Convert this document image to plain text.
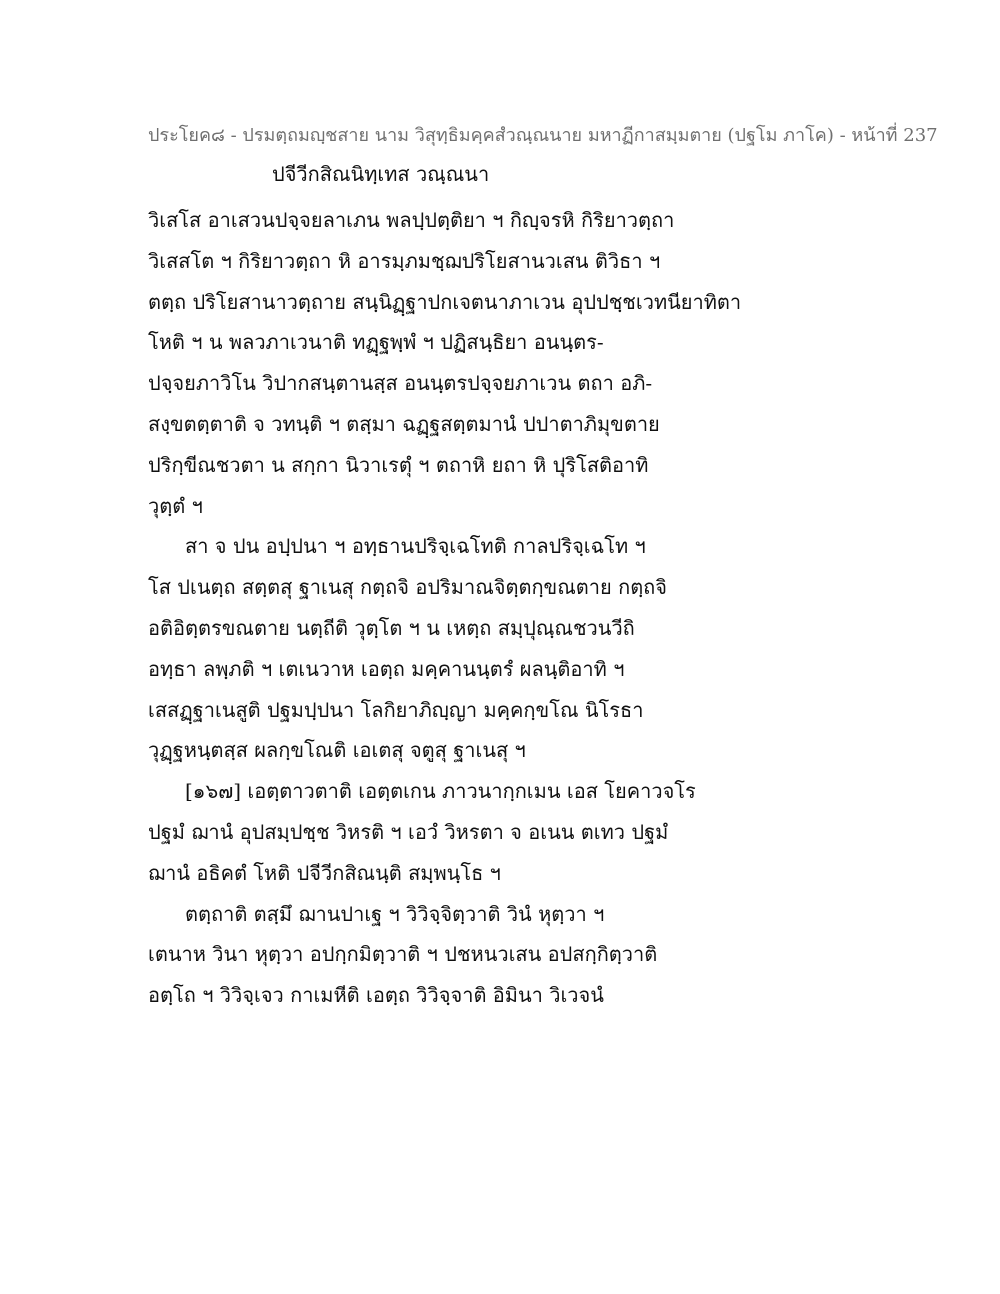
ประโยค๘ - ปรมตฺถมญฺชสาย นาม วิสุทฺธิมคฺคสํวณฺณนาย มหาฏีกาสมฺมตาย (ปฐโม ภาโค) - หน้าที่ 237
ปจีวีกสิณนิทฺเทส วณฺณนา
วิเสโส อาเสวนปจฺจยลาเภน พลปฺปตฺติยา ฯ กิญฺจรหิ กิริยาวตฺถา
วิเสสโต ฯ กิริยาวตฺถา หิ อารมฺภมชฺฌปริโยสานวเสน ติวิธา ฯ
ตตฺถ ปริโยสานาวตฺถาย สนฺนิฏฺฐาปกเจตนาภาเวน อุปปชฺชเวทนียาทิตา
โหติ ฯ น พลวภาเวนาติ ทฏฺฐพฺพํ ฯ ปฏิสนฺธิยา อนนฺตร-
ปจฺจยภาวิโน วิปากสนฺตานสฺส อนนฺตรปจฺจยภาเวน ตถา อภิ-
สงฺขตตฺตาติ จ วทนฺติ ฯ ตสฺมา ฉฏฺฐสตฺตมานํ ปปาตาภิมุขตาย
ปริกฺขีณชวตา น สกฺกา นิวาเรตุํ ฯ ตถาหิ ยถา หิ ปุริโสติอาทิ
วุตฺตํ ฯ
สา จ ปน อปฺปนา ฯ อทฺธานปริจฺเฉโทติ กาลปริจฺเฉโท ฯ
โส ปเนตฺถ สตฺตสุ ฐาเนสุ กตฺถจิ อปริมาณจิตฺตกฺขณตาย กตฺถจิ
อติอิตฺตรขณตาย นตฺถีติ วุตฺโต ฯ น เหตฺถ สมฺปุณฺณชวนวีถิ
อทฺธา ลพฺภติ ฯ เตเนวาห เอตฺถ มคฺคานนฺตรํ ผลนฺติอาทิ ฯ
เสสฏฺฐาเนสูติ ปฐมปฺปนา โลกิยาภิญฺญา มคฺคกฺขโณ นิโรธา
วุฏฺฐหนฺตสฺส ผลกฺขโณติ เอเตสุ จตูสุ ฐาเนสุ ฯ
[๑๖๗] เอตฺตาวตาติ เอตฺตเกน ภาวนากฺกเมน เอส โยคาวจโร
ปฐมํ ฌานํ อุปสมฺปชฺช วิหรติ ฯ เอวํ วิหรตา จ อเนน ตเทว ปฐมํ
ฌานํ อธิคตํ โหติ ปจีวีกสิณนฺติ สมฺพนฺโธ ฯ
ตตฺถาติ ตสฺมึ ฌานปาเฐ ฯ วิวิจฺจิตฺวาติ วินํ หุตฺวา ฯ
เตนาห วินา หุตฺวา อปกฺกมิตฺวาติ ฯ ปชหนวเสน อปสกฺกิตฺวาติ
อตฺโถ ฯ วิวิจฺเจว กาเมหีติ เอตฺถ วิวิจฺจาติ อิมินา วิเวจนํ
